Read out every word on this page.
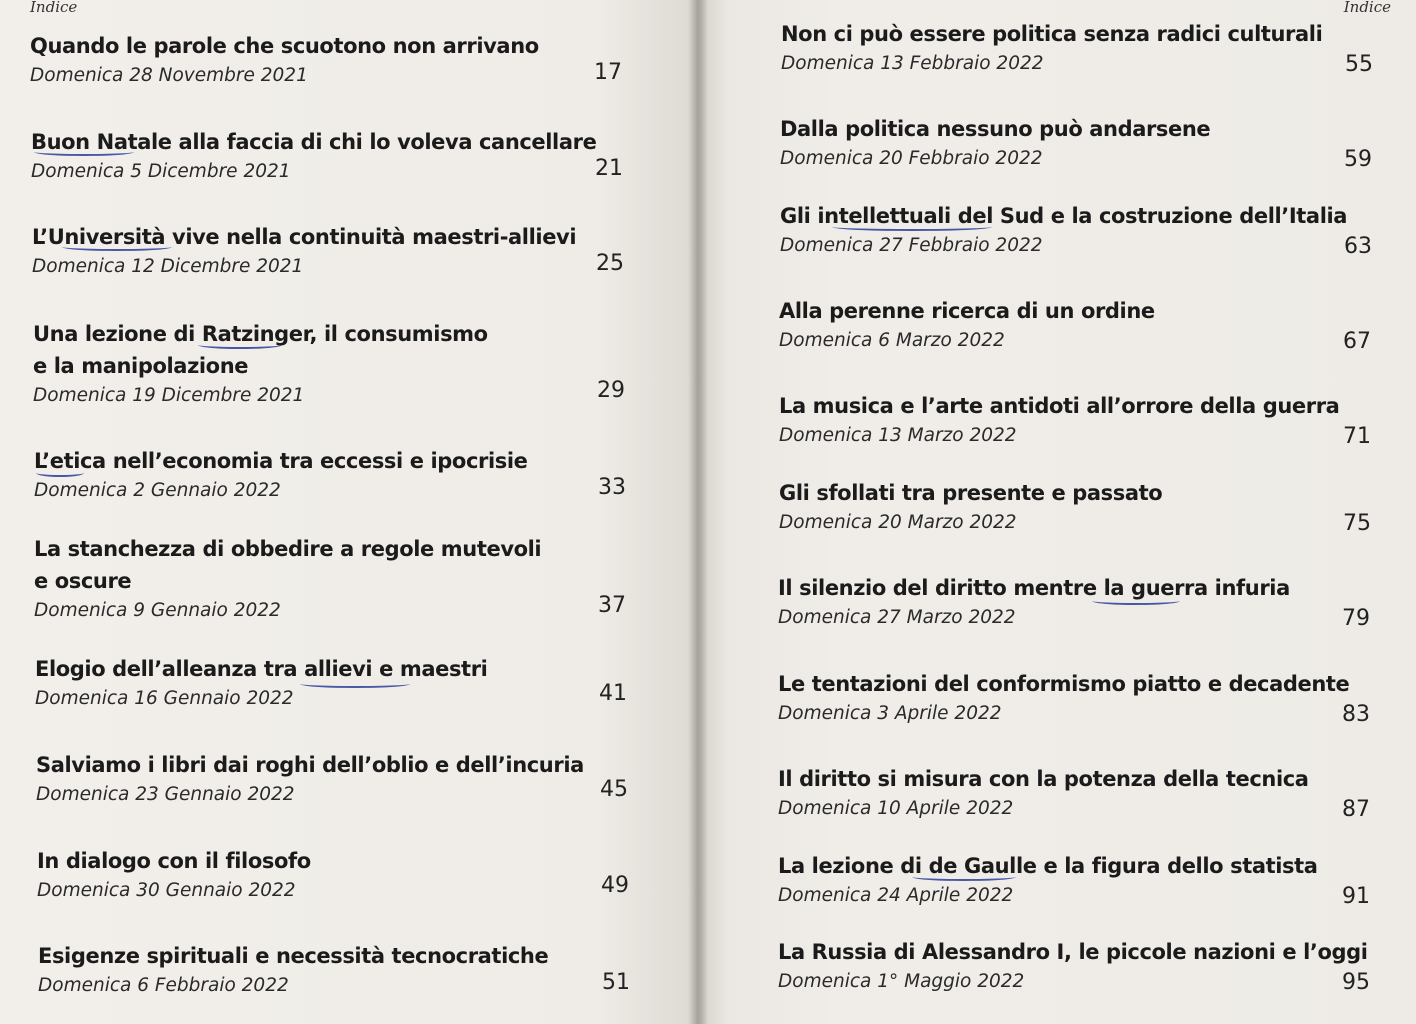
Indice
Quando le parole che scuotono non arrivano
Domenica 28 Novembre 2021	17
Buon Natale alla faccia di chi lo voleva cancellare
Domenica 5 Dicembre 2021	21
L’Università vive nella continuità maestri-allievi
Domenica 12 Dicembre 2021	25
Una lezione di Ratzinger, il consumismo
e la manipolazione
Domenica 19 Dicembre 2021	29
L’etica nell’economia tra eccessi e ipocrisie
Domenica 2 Gennaio 2022	33
La stanchezza di obbedire a regole mutevoli
e oscure
Domenica 9 Gennaio 2022	37
Elogio dell’alleanza tra allievi e maestri
Domenica 16 Gennaio 2022	41
Salviamo i libri dai roghi dell’oblio e dell’incuria
Domenica 23 Gennaio 2022	45
In dialogo con il filosofo
Domenica 30 Gennaio 2022	49
Esigenze spirituali e necessità tecnocratiche
Domenica 6 Febbraio 2022	51
Indice
Non ci può essere politica senza radici culturali
Domenica 13 Febbraio 2022	55
Dalla politica nessuno può andarsene
Domenica 20 Febbraio 2022	59
Gli intellettuali del Sud e la costruzione dell’Italia
Domenica 27 Febbraio 2022	63
Alla perenne ricerca di un ordine
Domenica 6 Marzo 2022	67
La musica e l’arte antidoti all’orrore della guerra
Domenica 13 Marzo 2022	71
Gli sfollati tra presente e passato
Domenica 20 Marzo 2022	75
Il silenzio del diritto mentre la guerra infuria
Domenica 27 Marzo 2022	79
Le tentazioni del conformismo piatto e decadente
Domenica 3 Aprile 2022	83
Il diritto si misura con la potenza della tecnica
Domenica 10 Aprile 2022	87
La lezione di de Gaulle e la figura dello statista
Domenica 24 Aprile 2022	91
La Russia di Alessandro I, le piccole nazioni e l’oggi
Domenica 1° Maggio 2022	95
